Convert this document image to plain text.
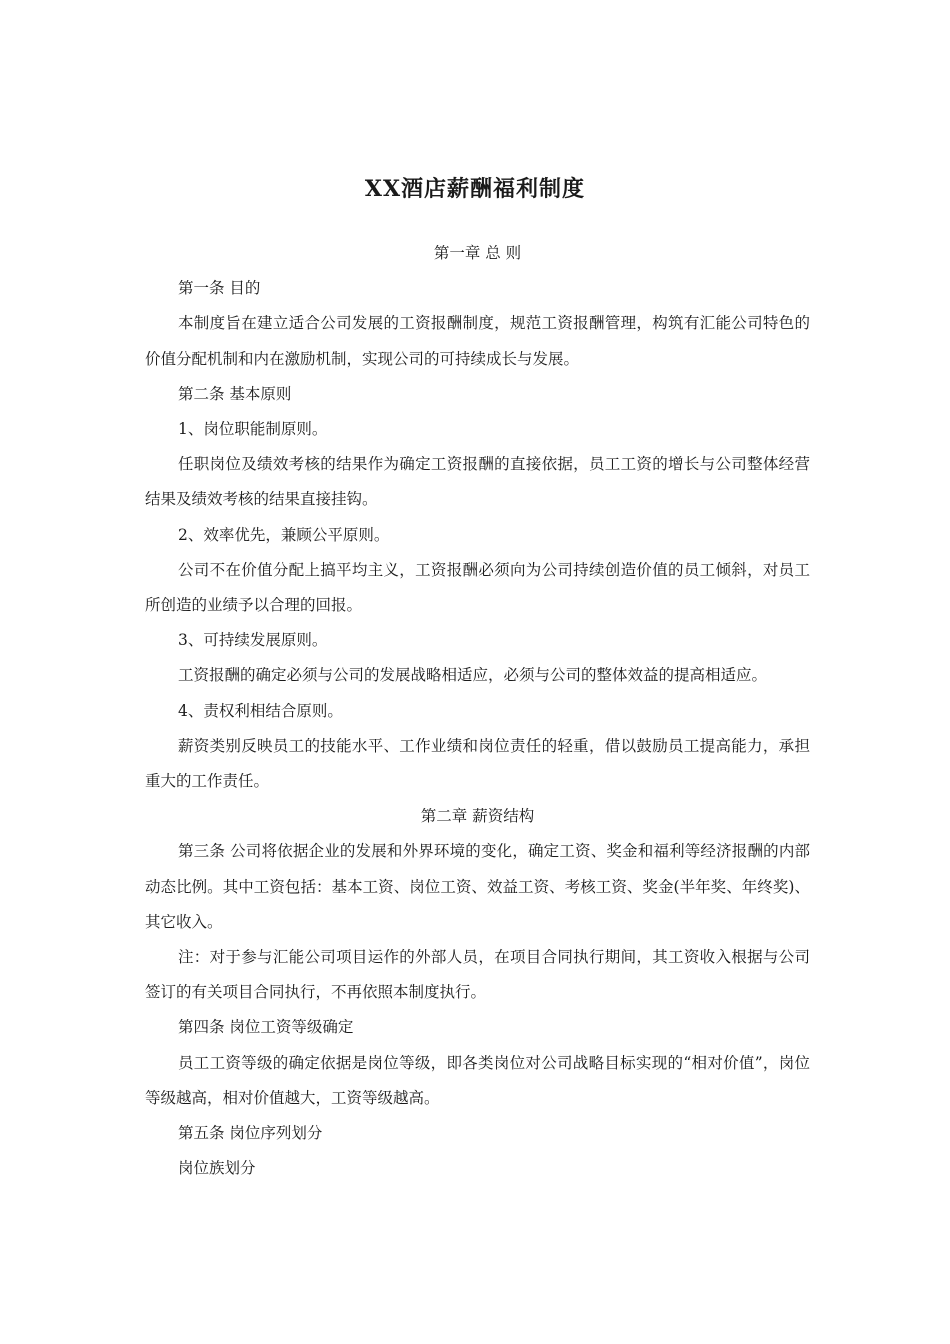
XX酒店薪酬福利制度

第一章 总 则

第一条 目的

本制度旨在建立适合公司发展的工资报酬制度，规范工资报酬管理，构筑有汇能公司特色的价值分配机制和内在激励机制，实现公司的可持续成长与发展。

第二条 基本原则

1、岗位职能制原则。

任职岗位及绩效考核的结果作为确定工资报酬的直接依据，员工工资的增长与公司整体经营结果及绩效考核的结果直接挂钩。

2、效率优先，兼顾公平原则。

公司不在价值分配上搞平均主义，工资报酬必须向为公司持续创造价值的员工倾斜，对员工所创造的业绩予以合理的回报。

3、可持续发展原则。

工资报酬的确定必须与公司的发展战略相适应，必须与公司的整体效益的提高相适应。

4、责权利相结合原则。

薪资类别反映员工的技能水平、工作业绩和岗位责任的轻重，借以鼓励员工提高能力，承担重大的工作责任。

第二章 薪资结构

第三条 公司将依据企业的发展和外界环境的变化，确定工资、奖金和福利等经济报酬的内部动态比例。其中工资包括：基本工资、岗位工资、效益工资、考核工资、奖金(半年奖、年终奖)、其它收入。

注：对于参与汇能公司项目运作的外部人员，在项目合同执行期间，其工资收入根据与公司签订的有关项目合同执行，不再依照本制度执行。

第四条 岗位工资等级确定

员工工资等级的确定依据是岗位等级，即各类岗位对公司战略目标实现的“相对价值”，岗位等级越高，相对价值越大，工资等级越高。

第五条 岗位序列划分

岗位族划分
